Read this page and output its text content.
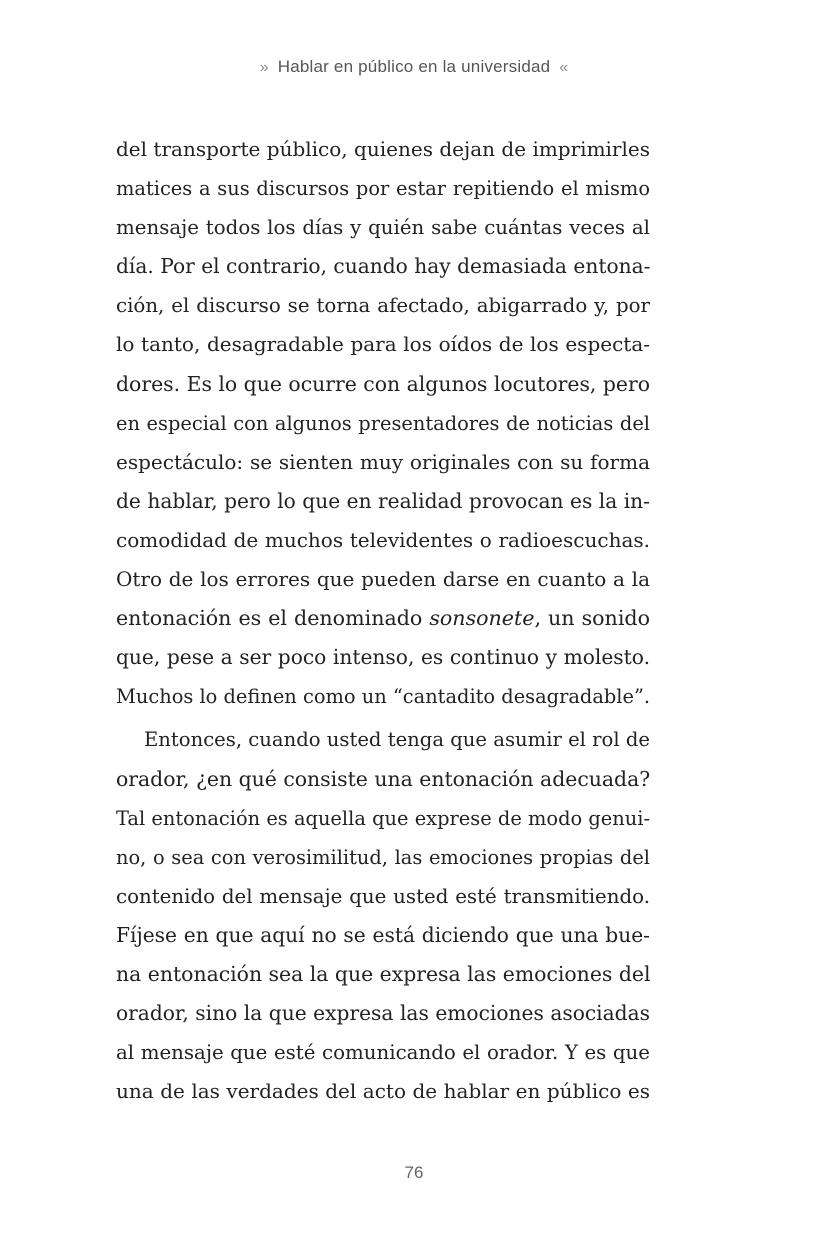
» Hablar en público en la universidad «
del transporte público, quienes dejan de imprimirles
matices a sus discursos por estar repitiendo el mismo
mensaje todos los días y quién sabe cuántas veces al
día. Por el contrario, cuando hay demasiada entona-
ción, el discurso se torna afectado, abigarrado y, por
lo tanto, desagradable para los oídos de los especta-
dores. Es lo que ocurre con algunos locutores, pero
en especial con algunos presentadores de noticias del
espectáculo: se sienten muy originales con su forma
de hablar, pero lo que en realidad provocan es la in-
comodidad de muchos televidentes o radioescuchas.
Otro de los errores que pueden darse en cuanto a la
entonación es el denominado sonsonete, un sonido
que, pese a ser poco intenso, es continuo y molesto.
Muchos lo definen como un “cantadito desagradable”.
Entonces, cuando usted tenga que asumir el rol de
orador, ¿en qué consiste una entonación adecuada?
Tal entonación es aquella que exprese de modo genui-
no, o sea con verosimilitud, las emociones propias del
contenido del mensaje que usted esté transmitiendo.
Fíjese en que aquí no se está diciendo que una bue-
na entonación sea la que expresa las emociones del
orador, sino la que expresa las emociones asociadas
al mensaje que esté comunicando el orador. Y es que
una de las verdades del acto de hablar en público es
76
